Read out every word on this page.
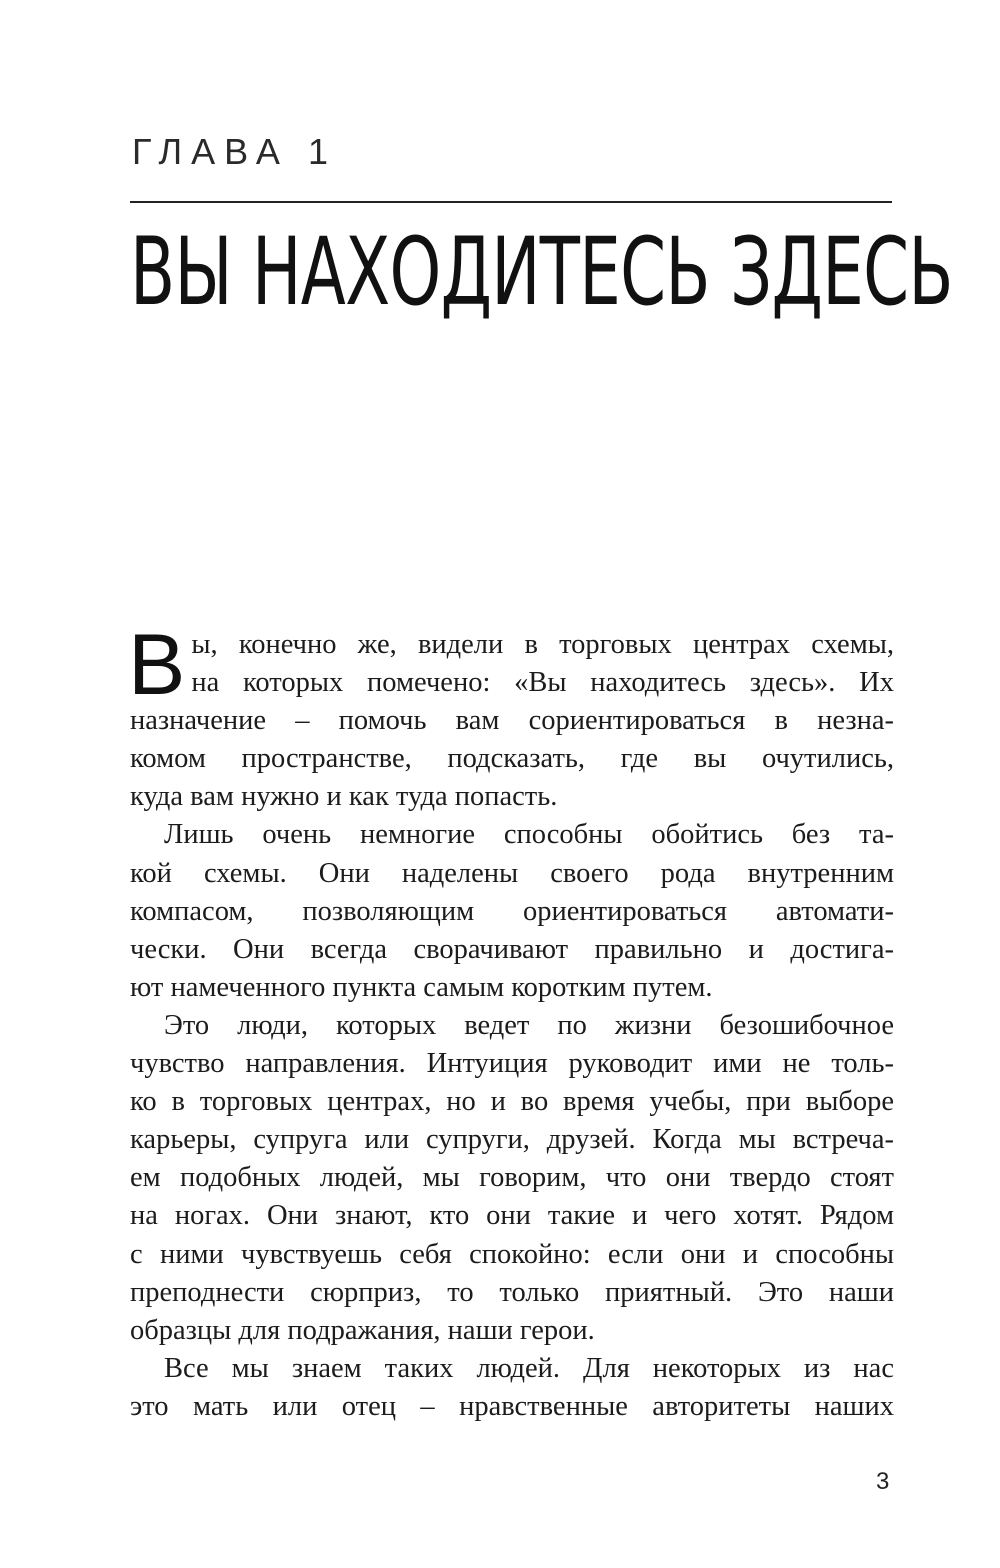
ГЛАВА 1
ВЫ НАХОДИТЕСЬ ЗДЕСЬ
В ы, конечно же, видели в торговых центрах схемы,
на которых помечено: «Вы находитесь здесь». Их
назначение – помочь вам сориентироваться в незна-
комом пространстве, подсказать, где вы очутились,
куда вам нужно и как туда попасть.
Лишь очень немногие способны обойтись без та-
кой схемы. Они наделены своего рода внутренним
компасом, позволяющим ориентироваться автомати-
чески. Они всегда сворачивают правильно и достига-
ют намеченного пункта самым коротким путем.
Это люди, которых ведет по жизни безошибочное
чувство направления. Интуиция руководит ими не толь-
ко в торговых центрах, но и во время учебы, при выборе
карьеры, супруга или супруги, друзей. Когда мы встреча-
ем подобных людей, мы говорим, что они твердо стоят
на ногах. Они знают, кто они такие и чего хотят. Рядом
с ними чувствуешь себя спокойно: если они и способны
преподнести сюрприз, то только приятный. Это наши
образцы для подражания, наши герои.
Все мы знаем таких людей. Для некоторых из нас
это мать или отец – нравственные авторитеты наших
3
